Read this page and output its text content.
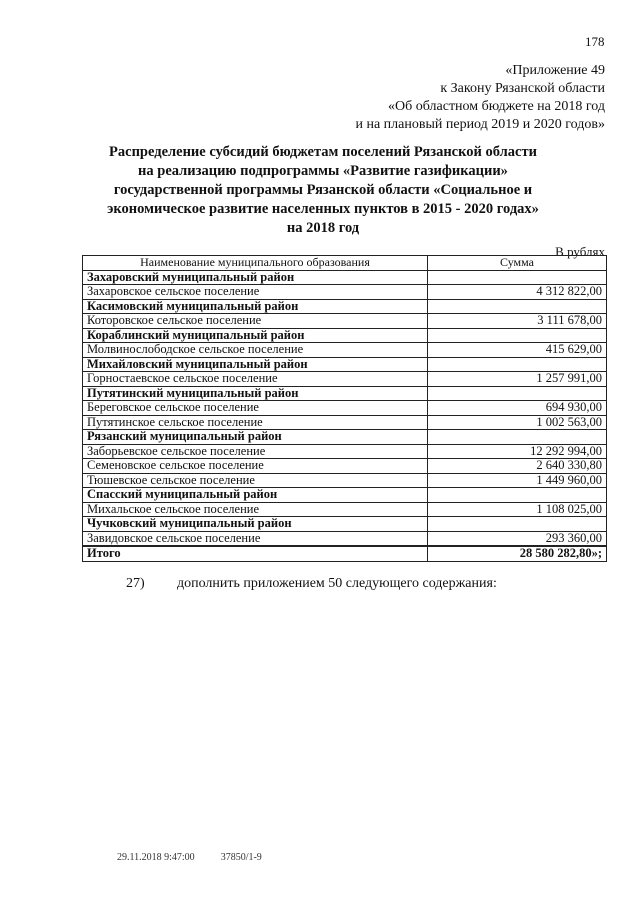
178
«Приложение 49
к Закону Рязанской области
«Об областном бюджете на 2018 год
и на плановый период 2019 и 2020 годов»
Распределение субсидий бюджетам поселений Рязанской области
на реализацию подпрограммы «Развитие газификации»
государственной программы Рязанской области «Социальное и
экономическое развитие населенных пунктов в 2015 - 2020 годах»
на 2018 год
В рублях
Наименование муниципального образования	Сумма
Захаровский муниципальный район	
Захаровское сельское поселение	4 312 822,00
Касимовский муниципальный район	
Которовское сельское поселение	3 111 678,00
Кораблинский муниципальный район	
Молвинослободское сельское поселение	415 629,00
Михайловский муниципальный район	
Горностаевское сельское поселение	1 257 991,00
Путятинский муниципальный район	
Береговское сельское поселение	694 930,00
Путятинское сельское поселение	1 002 563,00
Рязанский муниципальный район	
Заборьевское сельское поселение	12 292 994,00
Семеновское сельское поселение	2 640 330,80
Тюшевское сельское поселение	1 449 960,00
Спасский муниципальный район	
Михальское сельское поселение	1 108 025,00
Чучковский муниципальный район	
Завидовское сельское поселение	293 360,00
Итого	28 580 282,80»;
27) дополнить приложением 50 следующего содержания:
29.11.2018 9:47:00	37850/1-9
